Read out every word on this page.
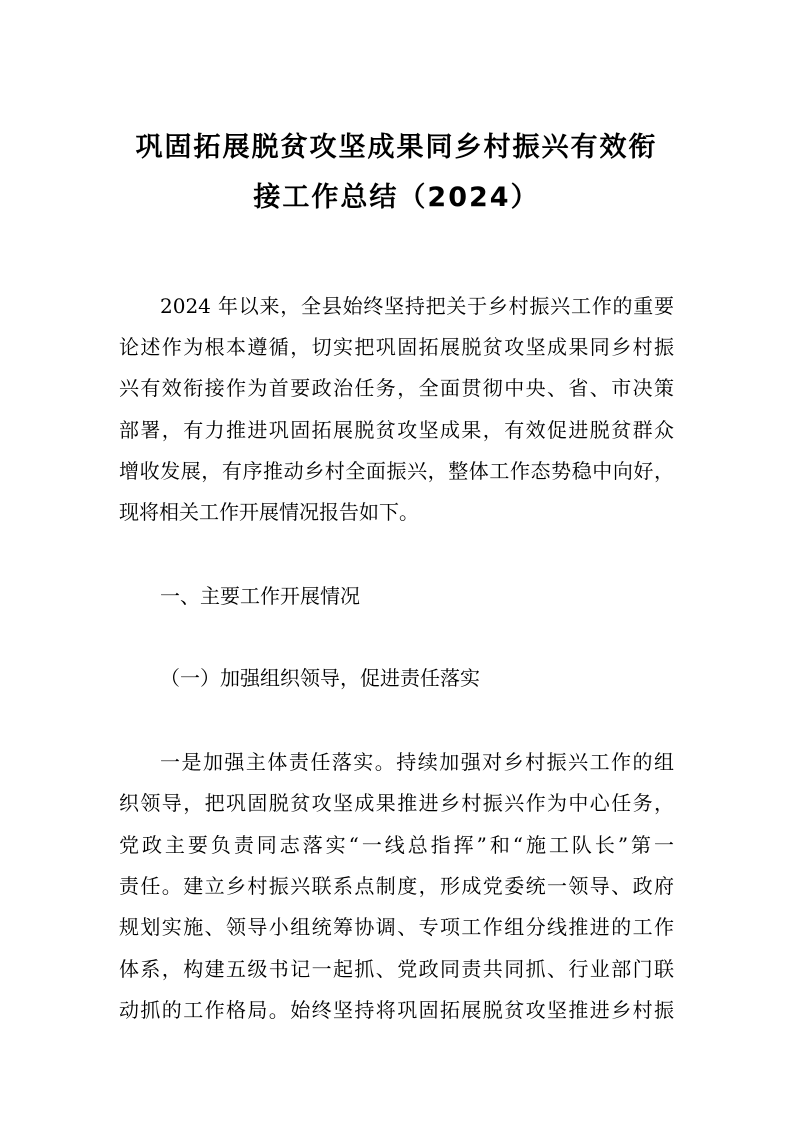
巩固拓展脱贫攻坚成果同乡村振兴有效衔
接工作总结（2024）

2024 年以来，全县始终坚持把关于乡村振兴工作的重要

论述作为根本遵循，切实把巩固拓展脱贫攻坚成果同乡村振

兴有效衔接作为首要政治任务，全面贯彻中央、省、市决策

部署，有力推进巩固拓展脱贫攻坚成果，有效促进脱贫群众

增收发展，有序推动乡村全面振兴，整体工作态势稳中向好，

现将相关工作开展情况报告如下。

一、主要工作开展情况

（一）加强组织领导，促进责任落实

一是加强主体责任落实。持续加强对乡村振兴工作的组

织领导，把巩固脱贫攻坚成果推进乡村振兴作为中心任务，

党政主要负责同志落实“一线总指挥”和“施工队长”第一

责任。建立乡村振兴联系点制度，形成党委统一领导、政府

规划实施、领导小组统筹协调、专项工作组分线推进的工作

体系，构建五级书记一起抓、党政同责共同抓、行业部门联

动抓的工作格局。始终坚持将巩固拓展脱贫攻坚推进乡村振
